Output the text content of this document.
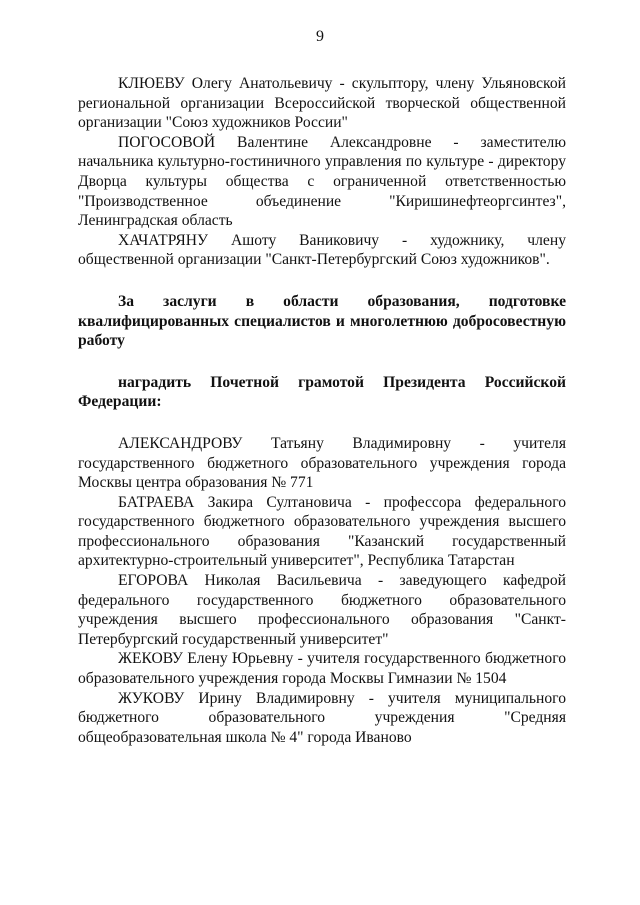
9

КЛЮЕВУ Олегу Анатольевичу - скульптору, члену Ульяновской региональной организации Всероссийской творческой общественной организации "Союз художников России"

ПОГОСОВОЙ Валентине Александровне - заместителю начальника культурно-гостиничного управления по культуре - директору Дворца культуры общества с ограниченной ответственностью "Производственное объединение "Киришинефтеоргсинтез", Ленинградская область

ХАЧАТРЯНУ Ашоту Ваниковичу - художнику, члену общественной организации "Санкт-Петербургский Союз художников".

За заслуги в области образования, подготовке квалифицированных специалистов и многолетнюю добросовестную работу

наградить Почетной грамотой Президента Российской Федерации:

АЛЕКСАНДРОВУ Татьяну Владимировну - учителя государственного бюджетного образовательного учреждения города Москвы центра образования № 771

БАТРАЕВА Закира Султановича - профессора федерального государственного бюджетного образовательного учреждения высшего профессионального образования "Казанский государственный архитектурно-строительный университет", Республика Татарстан

ЕГОРОВА Николая Васильевича - заведующего кафедрой федерального государственного бюджетного образовательного учреждения высшего профессионального образования "Санкт-Петербургский государственный университет"

ЖЕКОВУ Елену Юрьевну - учителя государственного бюджетного образовательного учреждения города Москвы Гимназии № 1504

ЖУКОВУ Ирину Владимировну - учителя муниципального бюджетного образовательного учреждения "Средняя общеобразовательная школа № 4" города Иваново
